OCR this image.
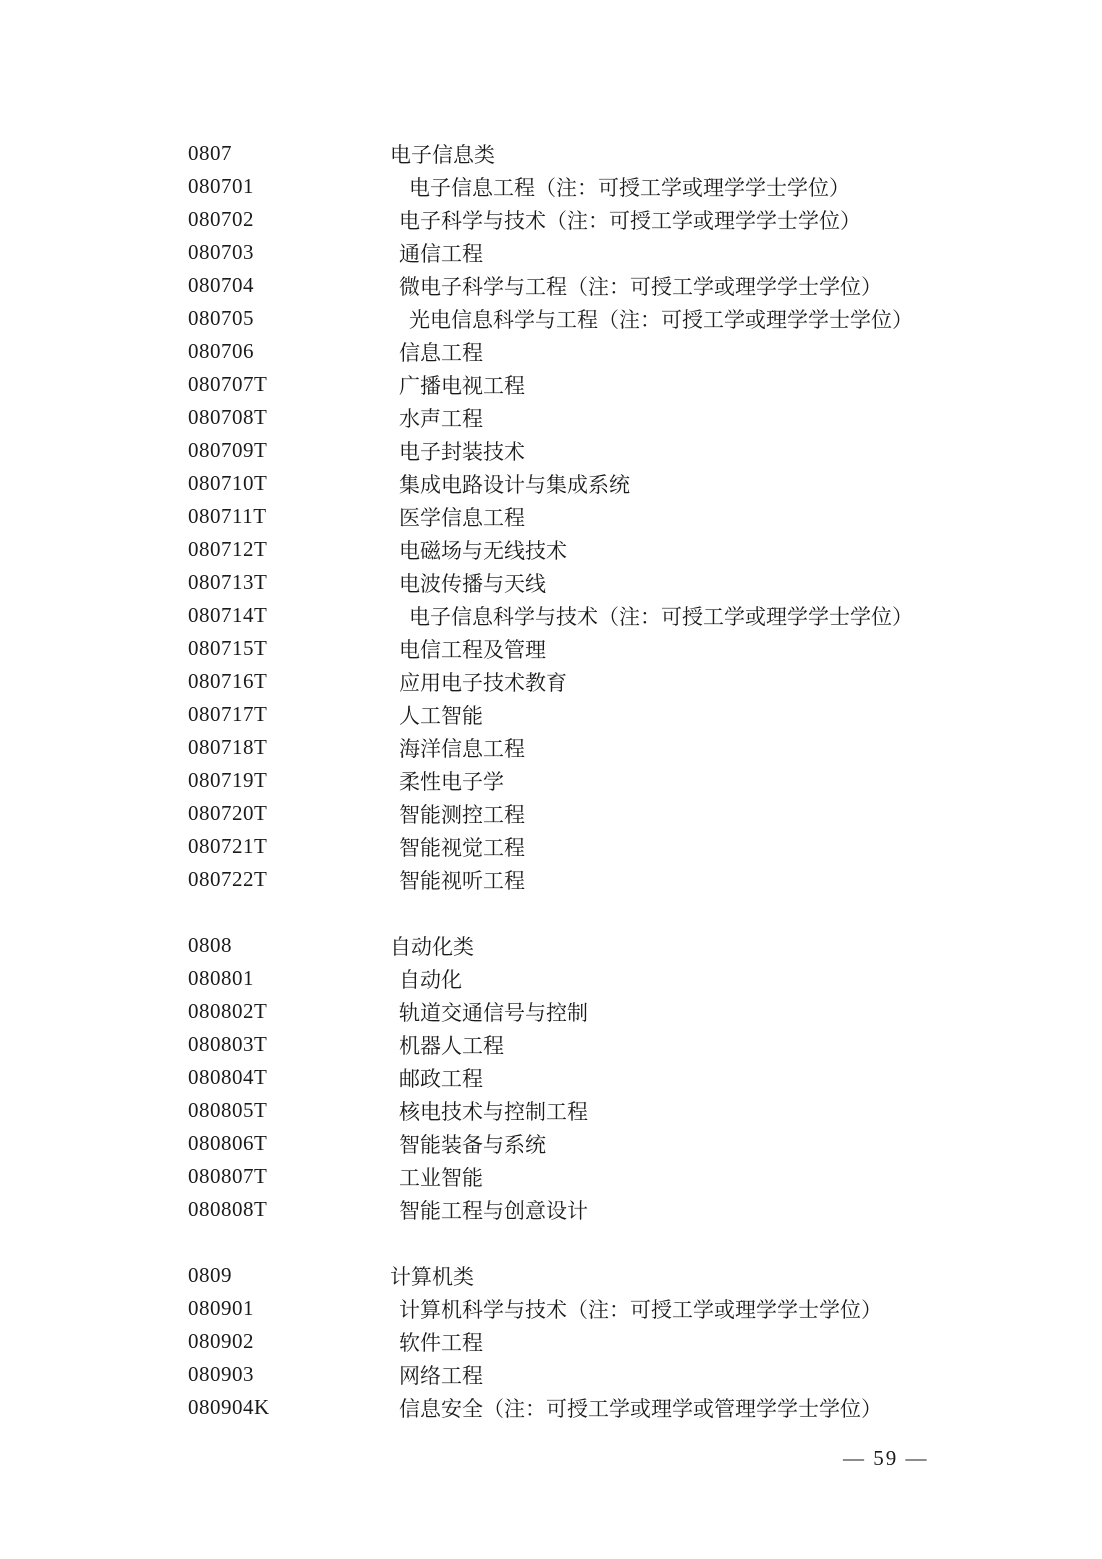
0807	电子信息类
080701	电子信息工程（注：可授工学或理学学士学位）
080702	电子科学与技术（注：可授工学或理学学士学位）
080703	通信工程
080704	微电子科学与工程（注：可授工学或理学学士学位）
080705	光电信息科学与工程（注：可授工学或理学学士学位）
080706	信息工程
080707T	广播电视工程
080708T	水声工程
080709T	电子封装技术
080710T	集成电路设计与集成系统
080711T	医学信息工程
080712T	电磁场与无线技术
080713T	电波传播与天线
080714T	电子信息科学与技术（注：可授工学或理学学士学位）
080715T	电信工程及管理
080716T	应用电子技术教育
080717T	人工智能
080718T	海洋信息工程
080719T	柔性电子学
080720T	智能测控工程
080721T	智能视觉工程
080722T	智能视听工程
0808	自动化类
080801	自动化
080802T	轨道交通信号与控制
080803T	机器人工程
080804T	邮政工程
080805T	核电技术与控制工程
080806T	智能装备与系统
080807T	工业智能
080808T	智能工程与创意设计
0809	计算机类
080901	计算机科学与技术（注：可授工学或理学学士学位）
080902	软件工程
080903	网络工程
080904K	信息安全（注：可授工学或理学或管理学学士学位）
— 59 —
